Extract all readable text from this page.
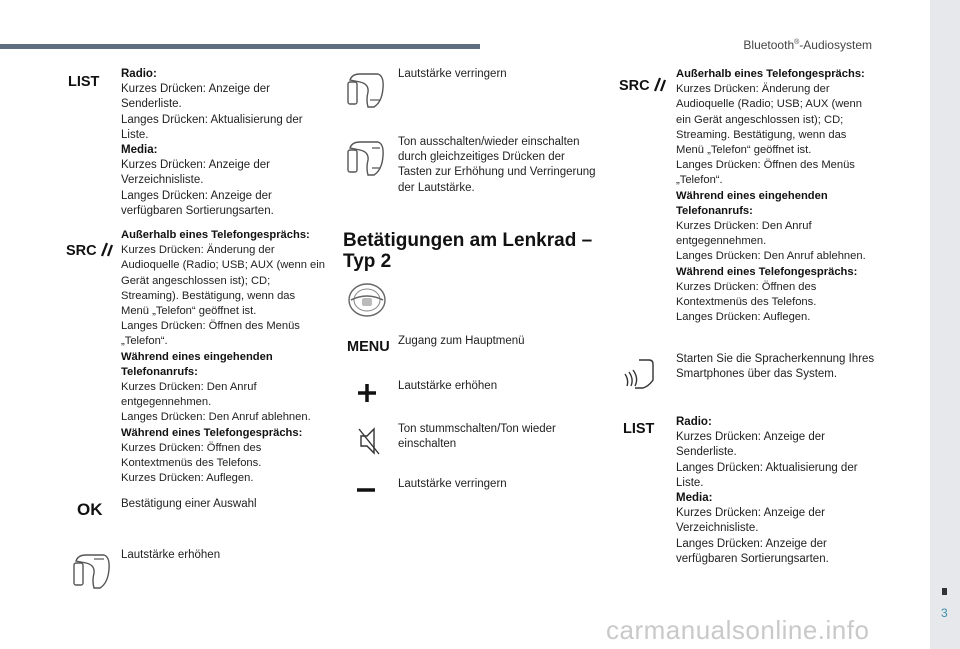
Bluetooth®-Audiosystem
3
carmanualsonline.info
LIST Radio:
Kurzes Drücken: Anzeige der Senderliste.
Langes Drücken: Aktualisierung der Liste.
Media:
Kurzes Drücken: Anzeige der Verzeichnisliste.
Langes Drücken: Anzeige der verfügbaren Sortierungsarten.
SRC
Außerhalb eines Telefongesprächs:
Kurzes Drücken: Änderung der Audioquelle (Radio; USB; AUX (wenn ein Gerät angeschlossen ist); CD; Streaming). Bestätigung, wenn das Menü „Telefon“ geöffnet ist.
Langes Drücken: Öffnen des Menüs „Telefon“.
Während eines eingehenden Telefonanrufs:
Kurzes Drücken: Den Anruf entgegennehmen.
Langes Drücken: Den Anruf ablehnen.
Während eines Telefongesprächs:
Kurzes Drücken: Öffnen des Kontextmenüs des Telefons.
Kurzes Drücken: Auflegen.
OK Bestätigung einer Auswahl
Lautstärke erhöhen
Lautstärke verringern
Ton ausschalten/wieder einschalten durch gleichzeitiges Drücken der Tasten zur Erhöhung und Verringerung der Lautstärke.
Betätigungen am Lenkrad – Typ 2
MENU Zugang zum Hauptmenü
Lautstärke erhöhen
Ton stummschalten/Ton wieder einschalten
Lautstärke verringern
SRC
Außerhalb eines Telefongesprächs:
Kurzes Drücken: Änderung der Audioquelle (Radio; USB; AUX (wenn ein Gerät angeschlossen ist); CD; Streaming. Bestätigung, wenn das Menü „Telefon“ geöffnet ist.
Langes Drücken: Öffnen des Menüs „Telefon“.
Während eines eingehenden Telefonanrufs:
Kurzes Drücken: Den Anruf entgegennehmen.
Langes Drücken: Den Anruf ablehnen.
Während eines Telefongesprächs:
Kurzes Drücken: Öffnen des Kontextmenüs des Telefons.
Langes Drücken: Auflegen.
Starten Sie die Spracherkennung Ihres Smartphones über das System.
LIST Radio:
Kurzes Drücken: Anzeige der Senderliste.
Langes Drücken: Aktualisierung der Liste.
Media:
Kurzes Drücken: Anzeige der Verzeichnisliste.
Langes Drücken: Anzeige der verfügbaren Sortierungsarten.
